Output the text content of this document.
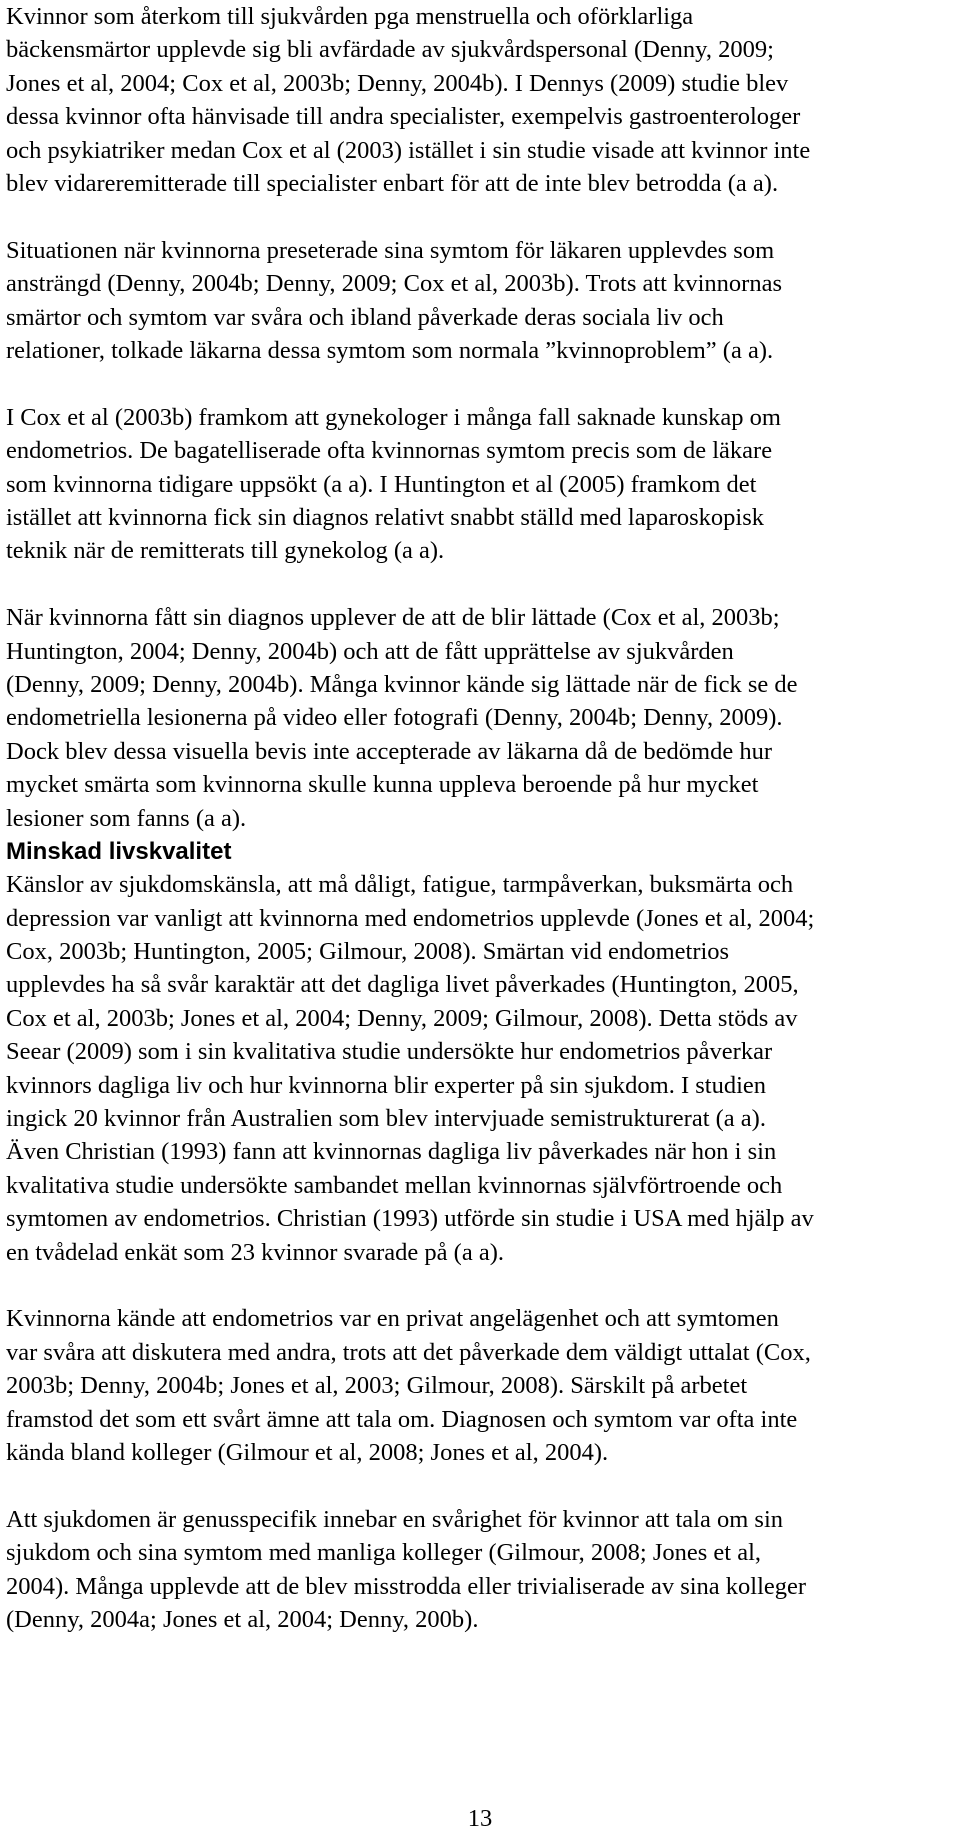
Kvinnor som återkom till sjukvården pga menstruella och oförklarliga
bäckensmärtor upplevde sig bli avfärdade av sjukvårdspersonal (Denny, 2009;
Jones et al, 2004; Cox et al, 2003b; Denny, 2004b). I Dennys (2009) studie blev
dessa kvinnor ofta hänvisade till andra specialister, exempelvis gastroenterologer
och psykiatriker medan Cox et al (2003) istället i sin studie visade att kvinnor inte
blev vidareremitterade till specialister enbart för att de inte blev betrodda (a a).

Situationen när kvinnorna preseterade sina symtom för läkaren upplevdes som
ansträngd (Denny, 2004b; Denny, 2009; Cox et al, 2003b). Trots att kvinnornas
smärtor och symtom var svåra och ibland påverkade deras sociala liv och
relationer, tolkade läkarna dessa symtom som normala ”kvinnoproblem” (a a).

I Cox et al (2003b) framkom att gynekologer i många fall saknade kunskap om
endometrios. De bagatelliserade ofta kvinnornas symtom precis som de läkare
som kvinnorna tidigare uppsökt (a a). I Huntington et al (2005) framkom det
istället att kvinnorna fick sin diagnos relativt snabbt ställd med laparoskopisk
teknik när de remitterats till gynekolog (a a).

När kvinnorna fått sin diagnos upplever de att de blir lättade (Cox et al, 2003b;
Huntington, 2004; Denny, 2004b) och att de fått upprättelse av sjukvården
(Denny, 2009; Denny, 2004b). Många kvinnor kände sig lättade när de fick se de
endometriella lesionerna på video eller fotografi (Denny, 2004b; Denny, 2009).
Dock blev dessa visuella bevis inte accepterade av läkarna då de bedömde hur
mycket smärta som kvinnorna skulle kunna uppleva beroende på hur mycket
lesioner som fanns (a a).

Minskad livskvalitet

Känslor av sjukdomskänsla, att må dåligt, fatigue, tarmpåverkan, buksmärta och
depression var vanligt att kvinnorna med endometrios upplevde (Jones et al, 2004;
Cox, 2003b; Huntington, 2005; Gilmour, 2008). Smärtan vid endometrios
upplevdes ha så svår karaktär att det dagliga livet påverkades (Huntington, 2005,
Cox et al, 2003b; Jones et al, 2004; Denny, 2009; Gilmour, 2008). Detta stöds av
Seear (2009) som i sin kvalitativa studie undersökte hur endometrios påverkar
kvinnors dagliga liv och hur kvinnorna blir experter på sin sjukdom. I studien
ingick 20 kvinnor från Australien som blev intervjuade semistrukturerat (a a).
Även Christian (1993) fann att kvinnornas dagliga liv påverkades när hon i sin
kvalitativa studie undersökte sambandet mellan kvinnornas självförtroende och
symtomen av endometrios. Christian (1993) utförde sin studie i USA med hjälp av
en tvådelad enkät som 23 kvinnor svarade på (a a).

Kvinnorna kände att endometrios var en privat angelägenhet och att symtomen
var svåra att diskutera med andra, trots att det påverkade dem väldigt uttalat (Cox,
2003b; Denny, 2004b; Jones et al, 2003; Gilmour, 2008). Särskilt på arbetet
framstod det som ett svårt ämne att tala om. Diagnosen och symtom var ofta inte
kända bland kolleger (Gilmour et al, 2008; Jones et al, 2004).

Att sjukdomen är genusspecifik innebar en svårighet för kvinnor att tala om sin
sjukdom och sina symtom med manliga kolleger (Gilmour, 2008; Jones et al,
2004). Många upplevde att de blev misstrodda eller trivialiserade av sina kolleger
(Denny, 2004a; Jones et al, 2004; Denny, 200b).

13
